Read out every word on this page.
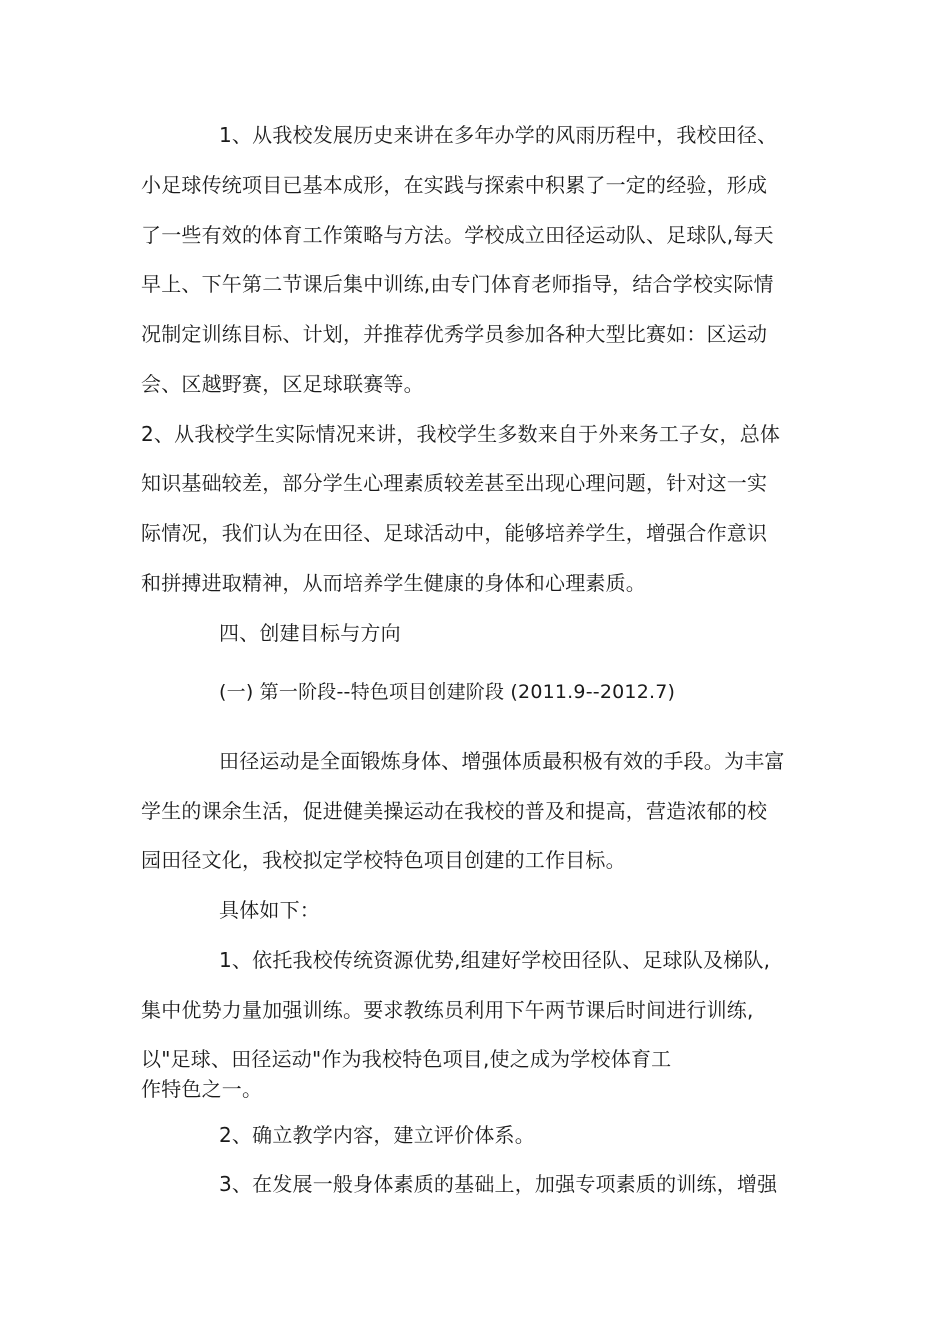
1、从我校发展历史来讲在多年办学的风雨历程中，我校田径、
小足球传统项目已基本成形，在实践与探索中积累了一定的经验，形成
了一些有效的体育工作策略与方法。学校成立田径运动队、足球队,每天
早上、下午第二节课后集中训练,由专门体育老师指导，结合学校实际情
况制定训练目标、计划，并推荐优秀学员参加各种大型比赛如：区运动
会、区越野赛，区足球联赛等。
2、从我校学生实际情况来讲，我校学生多数来自于外来务工子女，总体
知识基础较差，部分学生心理素质较差甚至出现心理问题，针对这一实
际情况，我们认为在田径、足球活动中，能够培养学生，增强合作意识
和拼搏进取精神，从而培养学生健康的身体和心理素质。
四、创建目标与方向
(一) 第一阶段--特色项目创建阶段 (2011.9--2012.7)
田径运动是全面锻炼身体、增强体质最积极有效的手段。为丰富
学生的课余生活，促进健美操运动在我校的普及和提高，营造浓郁的校
园田径文化，我校拟定学校特色项目创建的工作目标。
具体如下：
1、依托我校传统资源优势,组建好学校田径队、足球队及梯队,
集中优势力量加强训练。要求教练员利用下午两节课后时间进行训练,
以"足球、田径运动"作为我校特色项目,使之成为学校体育工
作特色之一。
2、确立教学内容，建立评价体系。
3、在发展一般身体素质的基础上，加强专项素质的训练，增强
